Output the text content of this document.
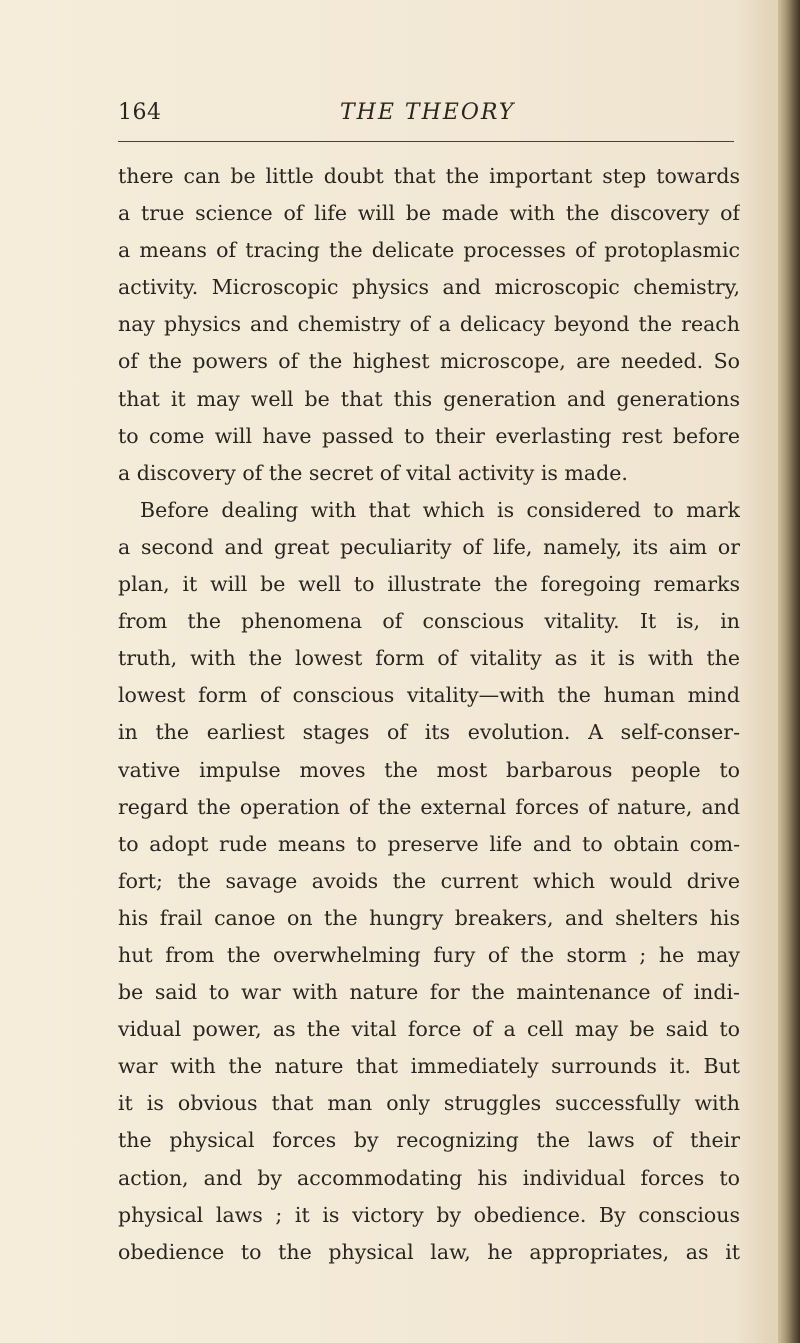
164	THE THEORY
there can be little doubt that the important step towards
a true science of life will be made with the discovery of
a means of tracing the delicate processes of protoplasmic
activity. Microscopic physics and microscopic chemistry,
nay physics and chemistry of a delicacy beyond the reach
of the powers of the highest microscope, are needed. So
that it may well be that this generation and generations
to come will have passed to their everlasting rest before
a discovery of the secret of vital activity is made.
Before dealing with that which is considered to mark
a second and great peculiarity of life, namely, its aim or
plan, it will be well to illustrate the foregoing remarks
from the phenomena of conscious vitality. It is, in
truth, with the lowest form of vitality as it is with the
lowest form of conscious vitality—with the human mind
in the earliest stages of its evolution. A self-conser-
vative impulse moves the most barbarous people to
regard the operation of the external forces of nature, and
to adopt rude means to preserve life and to obtain com-
fort; the savage avoids the current which would drive
his frail canoe on the hungry breakers, and shelters his
hut from the overwhelming fury of the storm ; he may
be said to war with nature for the maintenance of indi-
vidual power, as the vital force of a cell may be said to
war with the nature that immediately surrounds it. But
it is obvious that man only struggles successfully with
the physical forces by recognizing the laws of their
action, and by accommodating his individual forces to
physical laws ; it is victory by obedience. By conscious
obedience to the physical law, he appropriates, as it
